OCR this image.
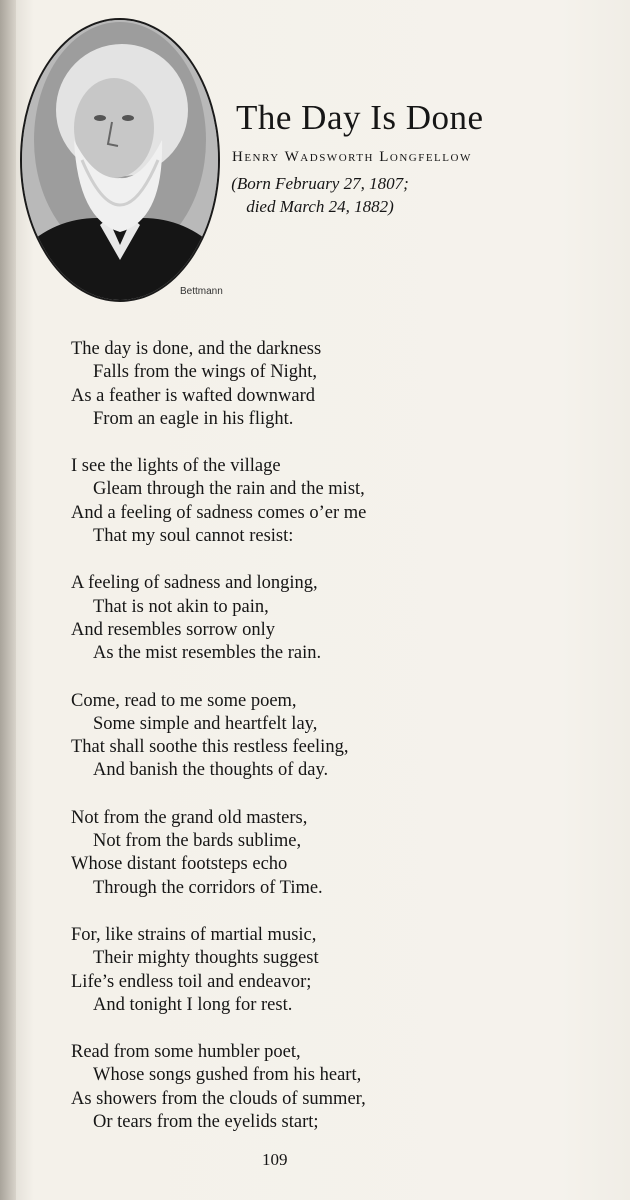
Bettmann
The Day Is Done
Henry Wadsworth Longfellow
(Born February 27, 1807; died March 24, 1882)
The day is done, and the darkness
Falls from the wings of Night,
As a feather is wafted downward
From an eagle in his flight.
I see the lights of the village
Gleam through the rain and the mist,
And a feeling of sadness comes o’er me
That my soul cannot resist:
A feeling of sadness and longing,
That is not akin to pain,
And resembles sorrow only
As the mist resembles the rain.
Come, read to me some poem,
Some simple and heartfelt lay,
That shall soothe this restless feeling,
And banish the thoughts of day.
Not from the grand old masters,
Not from the bards sublime,
Whose distant footsteps echo
Through the corridors of Time.
For, like strains of martial music,
Their mighty thoughts suggest
Life’s endless toil and endeavor;
And tonight I long for rest.
Read from some humbler poet,
Whose songs gushed from his heart,
As showers from the clouds of summer,
Or tears from the eyelids start;
109
